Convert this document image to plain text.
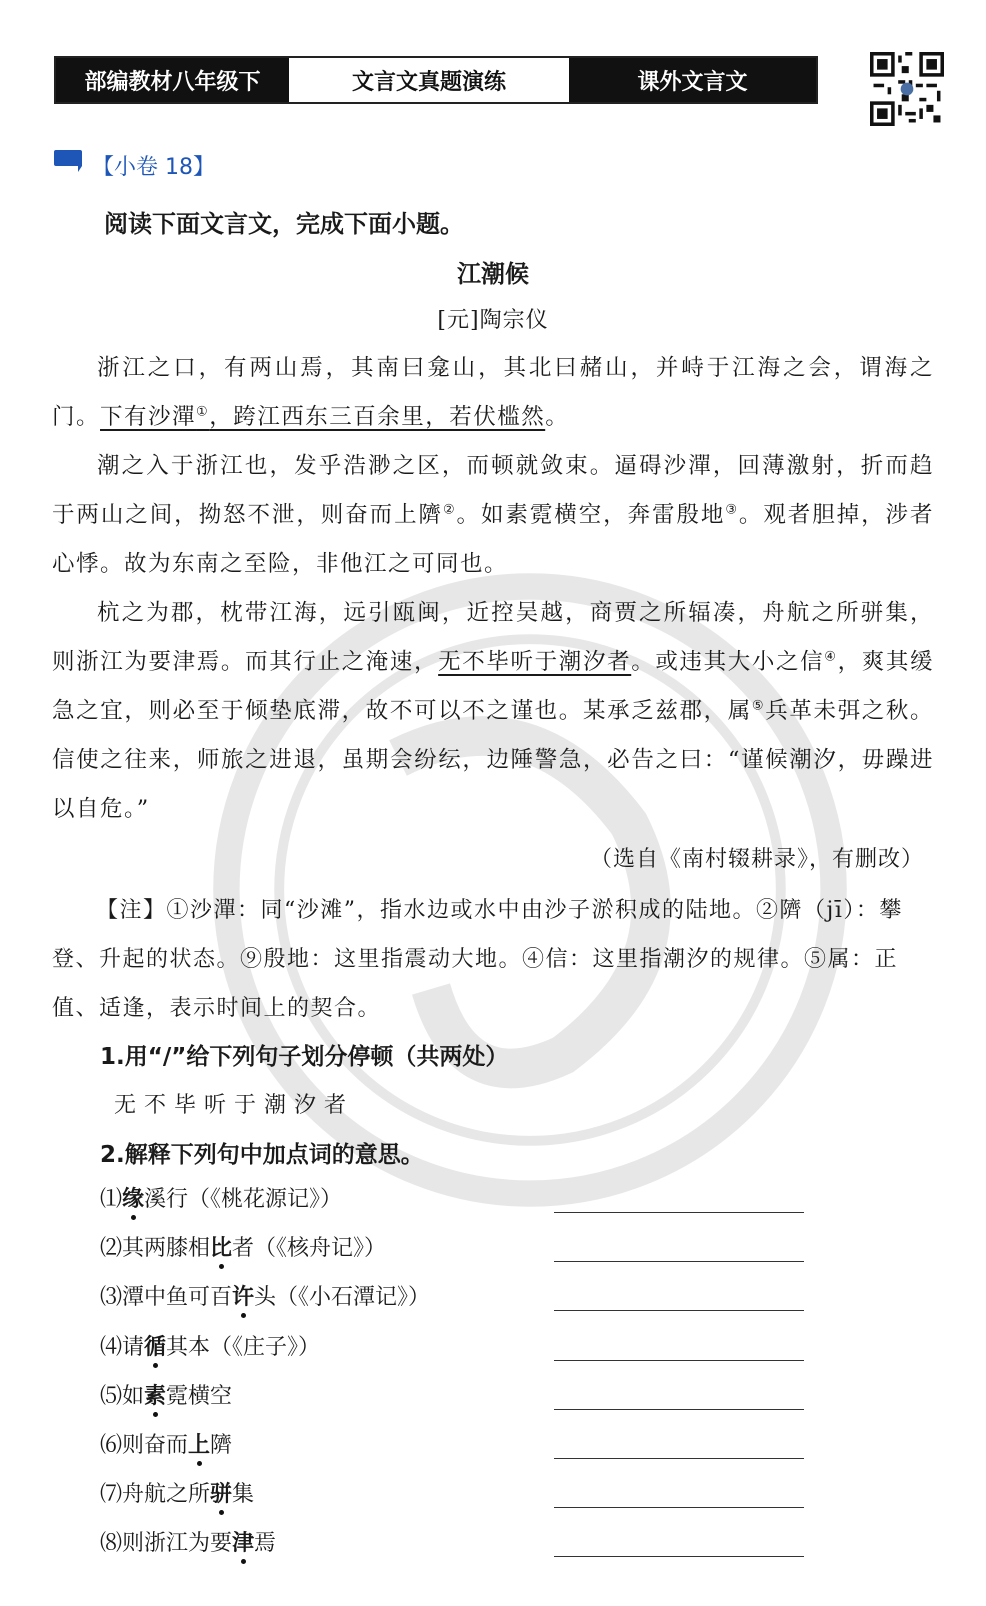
部编教材八年级下	文言文真题演练	课外文言文
【小卷 18】
阅读下面文言文，完成下面小题。
江潮候
[元]陶宗仪

浙江之口，有两山焉，其南曰龛山，其北曰赭山，并峙于江海之会，谓海之门。下有沙潬①，跨江西东三百余里，若伏槛然。

潮之入于浙江也，发乎浩渺之区，而顿就敛束。逼碍沙潬，回薄激射，折而趋于两山之间，拗怒不泄，则奋而上隮②。如素霓横空，奔雷殷地③。观者胆掉，涉者心悸。故为东南之至险，非他江之可同也。

杭之为郡，枕带江海，远引瓯闽，近控吴越，商贾之所辐凑，舟航之所骈集，则浙江为要津焉。而其行止之淹速，无不毕听于潮汐者。或违其大小之信④，爽其缓急之宜，则必至于倾垫底滞，故不可以不之谨也。某承乏兹郡，属⑤兵革未弭之秋。信使之往来，师旅之进退，虽期会纷纭，边陲警急，必告之曰：“谨候潮汐，毋躁进以自危。”

（选自《南村辍耕录》，有删改）

【注】①沙潬：同“沙滩”，指水边或水中由沙子淤积成的陆地。②隮（jī）：攀登、升起的状态。⑨殷地：这里指震动大地。④信：这里指潮汐的规律。⑤属：正值、适逢，表示时间上的契合。

1.用“/”给下列句子划分停顿（共两处）
无不毕听于潮汐者
2.解释下列句中加点词的意思。
⑴缘溪行（《桃花源记》）
⑵其两膝相比者（《核舟记》）
⑶潭中鱼可百许头（《小石潭记》）
⑷请循其本（《庄子》）
⑸如素霓横空
⑹则奋而上隮
⑺舟航之所骈集
⑻则浙江为要津焉
